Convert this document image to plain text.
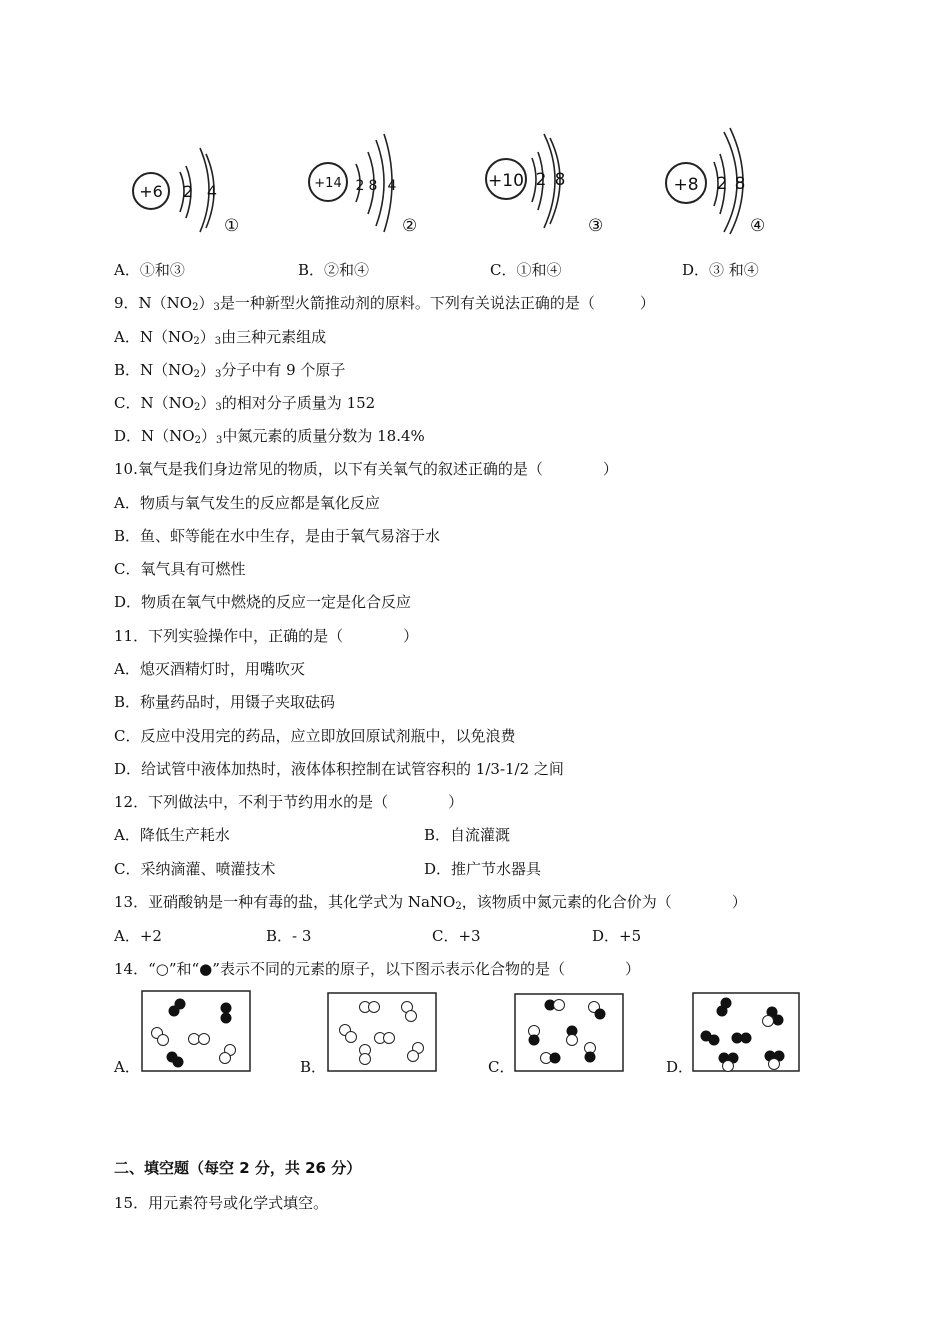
+6 2 4
①
+14 2 8 4
②
+10 2 8
③
+8 2 8
④
A．①和③	B．②和④	C．①和④	D．③ 和④
9．$N(NO_2)_3$是一种新型火箭推动剂的原料。下列有关说法正确的是（　　　）
A．$N(NO_2)_3$由三种元素组成
B．$N(NO_2)_3$分子中有 9 个原子
C．$N(NO_2)_3$的相对分子质量为 152
D．$N(NO_2)_3$中氮元素的质量分数为 18.4%
10.氧气是我们身边常见的物质，以下有关氧气的叙述正确的是（　　　　）
A．物质与氧气发生的反应都是氧化反应
B．鱼、虾等能在水中生存，是由于氧气易溶于水
C．氧气具有可燃性
D．物质在氧气中燃烧的反应一定是化合反应
11．下列实验操作中，正确的是（　　　　）
A．熄灭酒精灯时，用嘴吹灭
B．称量药品时，用镊子夹取砝码
C．反应中没用完的药品，应立即放回原试剂瓶中，以免浪费
D．给试管中液体加热时，液体体积控制在试管容积的 1/3-1/2 之间
12．下列做法中，不利于节约用水的是（　　　　）
A．降低生产耗水	B．自流灌溉
C．采纳滴灌、喷灌技术	D．推广节水器具
13．亚硝酸钠是一种有毒的盐，其化学式为 NaNO$_2$，该物质中氮元素的化合价为（　　　　）
A．+2	B．- 3	C．+3	D．+5
14．“○”和“●”表示不同的元素的原子，以下图示表示化合物的是（　　　　）
A．	B．	C．	D．
二、填空题（每空 2 分，共 26 分）
15．用元素符号或化学式填空。
